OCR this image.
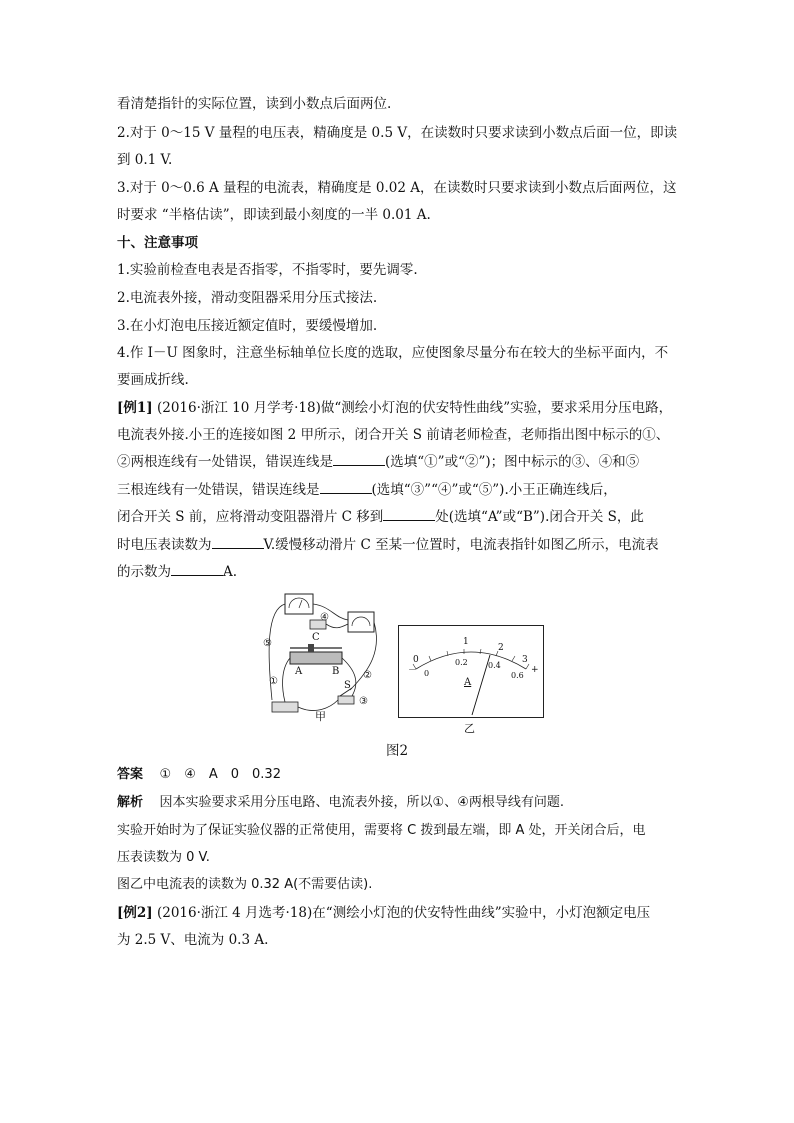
看清楚指针的实际位置，读到小数点后面两位.
2.对于 0～15 V 量程的电压表，精确度是 0.5 V，在读数时只要求读到小数点后面一位，即读
到 0.1 V.
3.对于 0～0.6 A 量程的电流表，精确度是 0.02 A，在读数时只要求读到小数点后面两位，这
时要求 “半格估读”，即读到最小刻度的一半 0.01 A.
十、注意事项
1.实验前检查电表是否指零，不指零时，要先调零.
2.电流表外接，滑动变阻器采用分压式接法.
3.在小灯泡电压接近额定值时，要缓慢增加.
4.作 I－U 图象时，注意坐标轴单位长度的选取，应使图象尽量分布在较大的坐标平面内，不
要画成折线.
[例1] (2016·浙江 10 月学考·18)做“测绘小灯泡的伏安特性曲线”实验，要求采用分压电路，
电流表外接.小王的连接如图 2 甲所示，闭合开关 S 前请老师检查，老师指出图中标示的①、
②两根连线有一处错误，错误连线是	(选填“①”或“②”)；图中标示的③、④和⑤
三根连线有一处错误，错误连线是	(选填“③”“④”或“⑤”).小王正确连线后，
闭合开关 S 前，应将滑动变阻器滑片 C 移到	处(选填“A”或“B”).闭合开关 S，此
时电压表读数为	V.缓慢移动滑片 C 至某一位置时，电流表指针如图乙所示，电流表
的示数为	A.
④
⑤
C
A	B
①
②
S
③
甲
－	+
0
1
2
3
0
0.2	0.4
0.6
A
乙
图2
答案 ①　④　A　0　0.32
解析 因本实验要求采用分压电路、电流表外接，所以①、④两根导线有问题.
实验开始时为了保证实验仪器的正常使用，需要将 C 拨到最左端，即 A 处，开关闭合后，电
压表读数为 0 V.
图乙中电流表的读数为 0.32 A(不需要估读).
[例2] (2016·浙江 4 月选考·18)在“测绘小灯泡的伏安特性曲线”实验中，小灯泡额定电压
为 2.5 V、电流为 0.3 A.
